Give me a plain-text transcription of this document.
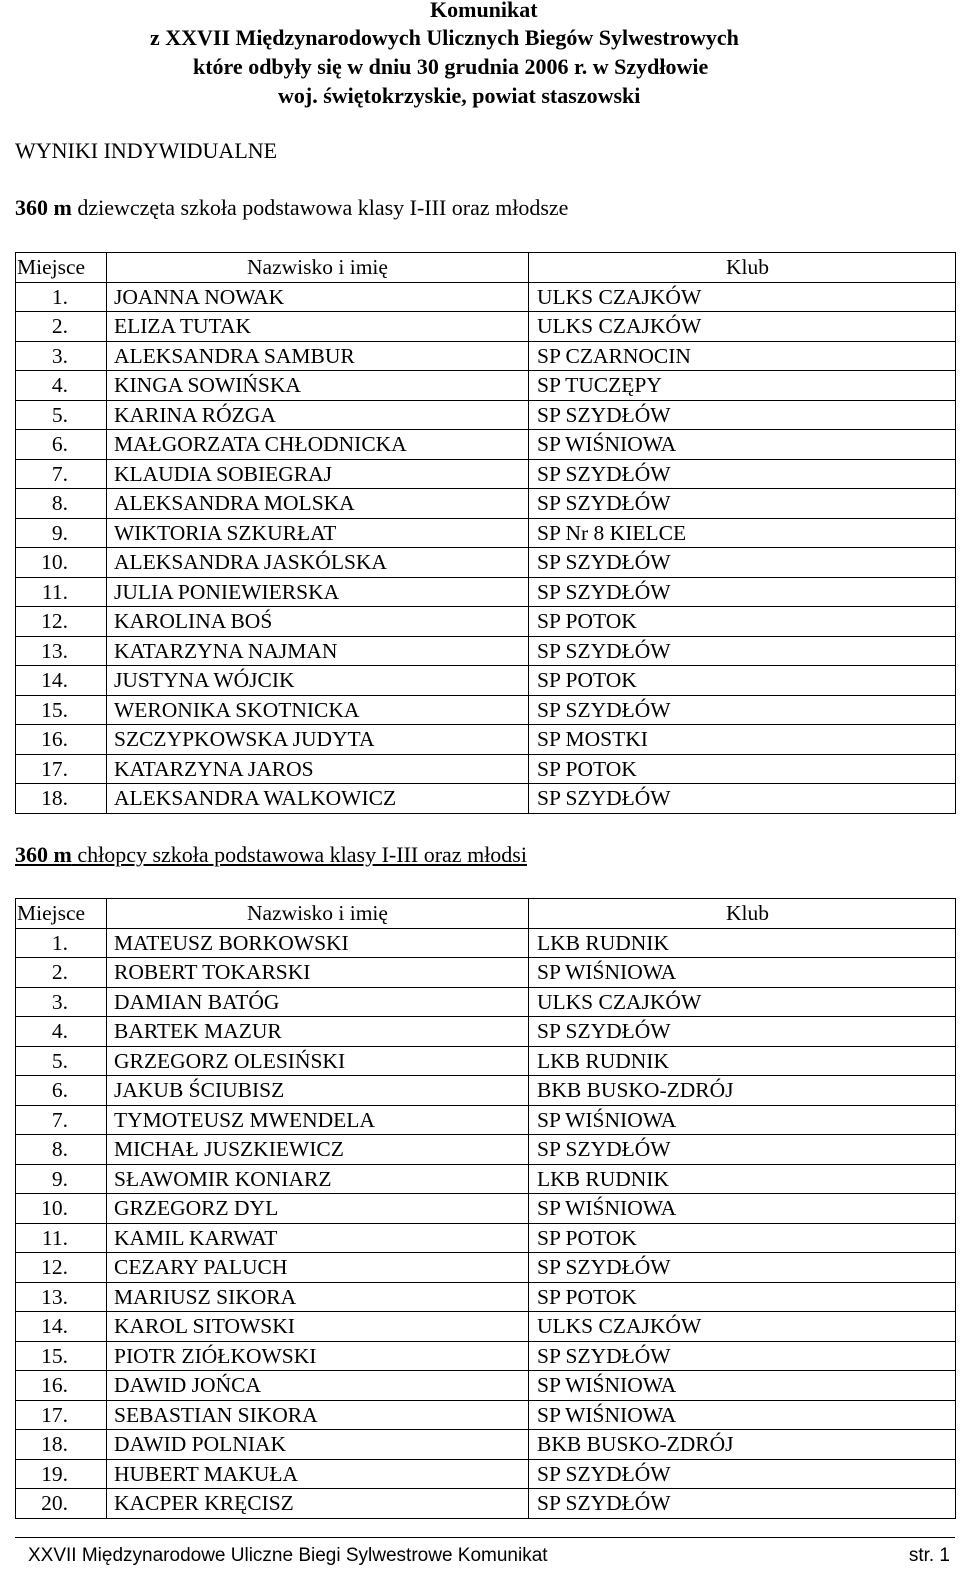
Komunikat
z XXVII Międzynarodowych Ulicznych Biegów Sylwestrowych
które odbyły się w dniu 30 grudnia 2006 r. w Szydłowie
woj. świętokrzyskie, powiat staszowski
WYNIKI INDYWIDUALNE
360 m dziewczęta szkoła podstawowa klasy I-III oraz młodsze
Miejsce	Nazwisko i imię	Klub
1.	JOANNA NOWAK	ULKS CZAJKÓW
2.	ELIZA TUTAK	ULKS CZAJKÓW
3.	ALEKSANDRA SAMBUR	SP CZARNOCIN
4.	KINGA SOWIŃSKA	SP TUCZĘPY
5.	KARINA RÓZGA	SP SZYDŁÓW
6.	MAŁGORZATA CHŁODNICKA	SP WIŚNIOWA
7.	KLAUDIA SOBIEGRAJ	SP SZYDŁÓW
8.	ALEKSANDRA MOLSKA	SP SZYDŁÓW
9.	WIKTORIA SZKURŁAT	SP Nr 8 KIELCE
10.	ALEKSANDRA JASKÓLSKA	SP SZYDŁÓW
11.	JULIA PONIEWIERSKA	SP SZYDŁÓW
12.	KAROLINA BOŚ	SP POTOK
13.	KATARZYNA NAJMAN	SP SZYDŁÓW
14.	JUSTYNA WÓJCIK	SP POTOK
15.	WERONIKA SKOTNICKA	SP SZYDŁÓW
16.	SZCZYPKOWSKA JUDYTA	SP MOSTKI
17.	KATARZYNA JAROS	SP POTOK
18.	ALEKSANDRA WALKOWICZ	SP SZYDŁÓW
360 m chłopcy szkoła podstawowa klasy I-III oraz młodsi
Miejsce	Nazwisko i imię	Klub
1.	MATEUSZ BORKOWSKI	LKB RUDNIK
2.	ROBERT TOKARSKI	SP WIŚNIOWA
3.	DAMIAN BATÓG	ULKS CZAJKÓW
4.	BARTEK MAZUR	SP SZYDŁÓW
5.	GRZEGORZ OLESIŃSKI	LKB RUDNIK
6.	JAKUB ŚCIUBISZ	BKB BUSKO-ZDRÓJ
7.	TYMOTEUSZ MWENDELA	SP WIŚNIOWA
8.	MICHAŁ JUSZKIEWICZ	SP SZYDŁÓW
9.	SŁAWOMIR KONIARZ	LKB RUDNIK
10.	GRZEGORZ DYL	SP WIŚNIOWA
11.	KAMIL KARWAT	SP POTOK
12.	CEZARY PALUCH	SP SZYDŁÓW
13.	MARIUSZ SIKORA	SP POTOK
14.	KAROL SITOWSKI	ULKS CZAJKÓW
15.	PIOTR ZIÓŁKOWSKI	SP SZYDŁÓW
16.	DAWID JOŃCA	SP WIŚNIOWA
17.	SEBASTIAN SIKORA	SP WIŚNIOWA
18.	DAWID POLNIAK	BKB BUSKO-ZDRÓJ
19.	HUBERT MAKUŁA	SP SZYDŁÓW
20.	KACPER KRĘCISZ	SP SZYDŁÓW
XXVII Międzynarodowe Uliczne Biegi Sylwestrowe Komunikat	str. 1
